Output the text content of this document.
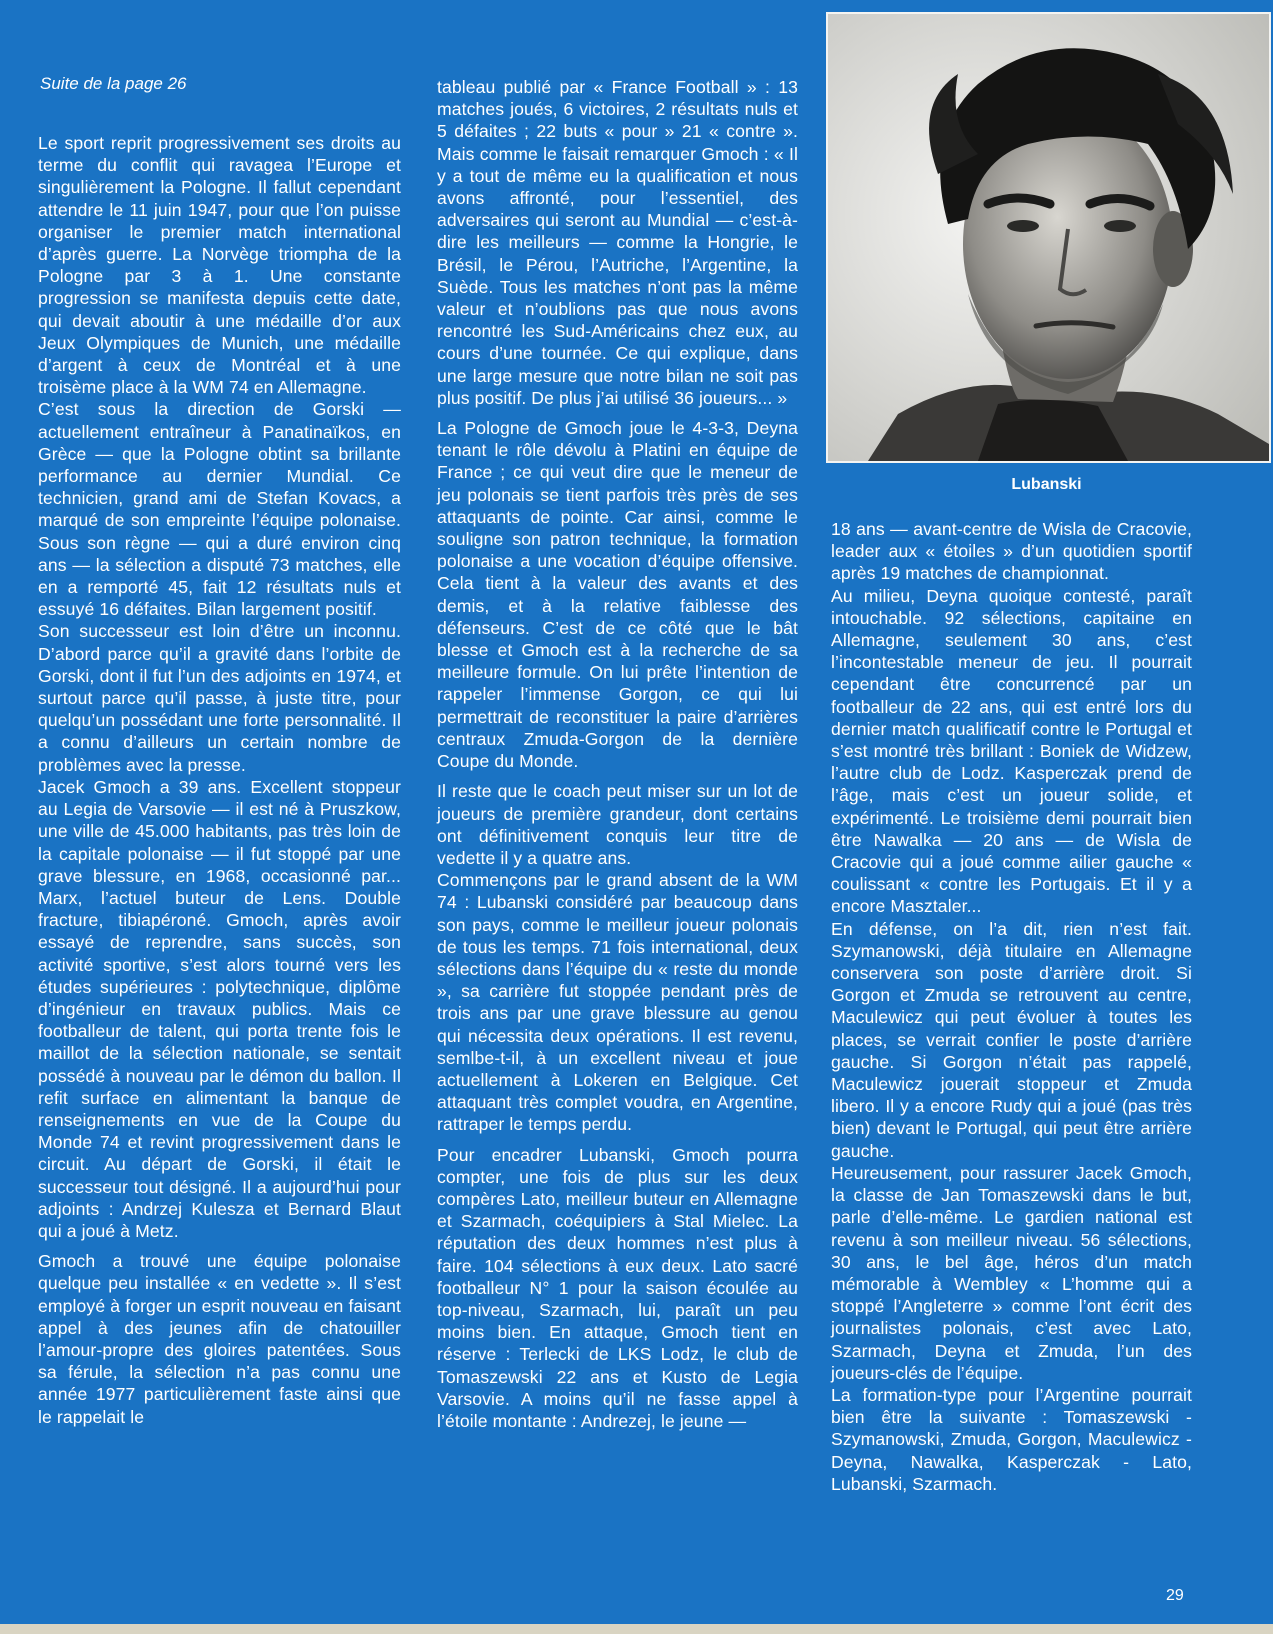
Suite de la page 26

Le sport reprit progressivement ses droits au terme du conflit qui ravagea l’Europe et singulièrement la Pologne. Il fallut cependant attendre le 11 juin 1947, pour que l’on puisse organiser le premier match international d’après guerre. La Norvège triompha de la Pologne par 3 à 1. Une constante progression se manifesta depuis cette date, qui devait aboutir à une médaille d’or aux Jeux Olympiques de Munich, une médaille d’argent à ceux de Montréal et à une troisème place à la WM 74 en Allemagne.

C’est sous la direction de Gorski — actuellement entraîneur à Panatinaïkos, en Grèce — que la Pologne obtint sa brillante performance au dernier Mundial. Ce technicien, grand ami de Stefan Kovacs, a marqué de son empreinte l’équipe polonaise. Sous son règne — qui a duré environ cinq ans — la sélection a disputé 73 matches, elle en a remporté 45, fait 12 résultats nuls et essuyé 16 défaites. Bilan largement positif.

Son successeur est loin d’être un inconnu. D’abord parce qu’il a gravité dans l’orbite de Gorski, dont il fut l’un des adjoints en 1974, et surtout parce qu’il passe, à juste titre, pour quelqu’un possédant une forte personnalité. Il a connu d’ailleurs un certain nombre de problèmes avec la presse.

Jacek Gmoch a 39 ans. Excellent stoppeur au Legia de Varsovie — il est né à Pruszkow, une ville de 45.000 habitants, pas très loin de la capitale polonaise — il fut stoppé par une grave blessure, en 1968, occasionné par... Marx, l’actuel buteur de Lens. Double fracture, tibiapéroné. Gmoch, après avoir essayé de reprendre, sans succès, son activité sportive, s’est alors tourné vers les études supérieures : polytechnique, diplôme d’ingénieur en travaux publics. Mais ce footballeur de talent, qui porta trente fois le maillot de la sélection nationale, se sentait possédé à nouveau par le démon du ballon. Il refit surface en alimentant la banque de renseignements en vue de la Coupe du Monde 74 et revint progressivement dans le circuit. Au départ de Gorski, il était le successeur tout désigné. Il a aujourd’hui pour adjoints : Andrzej Kulesza et Bernard Blaut qui a joué à Metz.

Gmoch a trouvé une équipe polonaise quelque peu installée « en vedette ». Il s’est employé à forger un esprit nouveau en faisant appel à des jeunes afin de chatouiller l’amour-propre des gloires patentées. Sous sa férule, la sélection n’a pas connu une année 1977 particulièrement faste ainsi que le rappelait le

tableau publié par « France Football » : 13 matches joués, 6 victoires, 2 résultats nuls et 5 défaites ; 22 buts « pour » 21 « contre ». Mais comme le faisait remarquer Gmoch : « Il y a tout de même eu la qualification et nous avons affronté, pour l’essentiel, des adversaires qui seront au Mundial — c’est-à-dire les meilleurs — comme la Hongrie, le Brésil, le Pérou, l’Autriche, l’Argentine, la Suède. Tous les matches n’ont pas la même valeur et n’oublions pas que nous avons rencontré les Sud-Américains chez eux, au cours d’une tournée. Ce qui explique, dans une large mesure que notre bilan ne soit pas plus positif. De plus j’ai utilisé 36 joueurs... »

La Pologne de Gmoch joue le 4-3-3, Deyna tenant le rôle dévolu à Platini en équipe de France ; ce qui veut dire que le meneur de jeu polonais se tient parfois très près de ses attaquants de pointe. Car ainsi, comme le souligne son patron technique, la formation polonaise a une vocation d’équipe offensive. Cela tient à la valeur des avants et des demis, et à la relative faiblesse des défenseurs. C’est de ce côté que le bât blesse et Gmoch est à la recherche de sa meilleure formule. On lui prête l’intention de rappeler l’immense Gorgon, ce qui lui permettrait de reconstituer la paire d’arrières centraux Zmuda-Gorgon de la dernière Coupe du Monde.

Il reste que le coach peut miser sur un lot de joueurs de première grandeur, dont certains ont définitivement conquis leur titre de vedette il y a quatre ans.

Commençons par le grand absent de la WM 74 : Lubanski considéré par beaucoup dans son pays, comme le meilleur joueur polonais de tous les temps. 71 fois international, deux sélections dans l’équipe du « reste du monde », sa carrière fut stoppée pendant près de trois ans par une grave blessure au genou qui nécessita deux opérations. Il est revenu, semlbe-t-il, à un excellent niveau et joue actuellement à Lokeren en Belgique. Cet attaquant très complet voudra, en Argentine, rattraper le temps perdu.

Pour encadrer Lubanski, Gmoch pourra compter, une fois de plus sur les deux compères Lato, meilleur buteur en Allemagne et Szarmach, coéquipiers à Stal Mielec. La réputation des deux hommes n’est plus à faire. 104 sélections à eux deux. Lato sacré footballeur N° 1 pour la saison écoulée au top-niveau, Szarmach, lui, paraît un peu moins bien. En attaque, Gmoch tient en réserve : Terlecki de LKS Lodz, le club de Tomaszewski 22 ans et Kusto de Legia Varsovie. A moins qu’il ne fasse appel à l’étoile montante : Andrezej, le jeune —

Lubanski

18 ans — avant-centre de Wisla de Cracovie, leader aux « étoiles » d’un quotidien sportif après 19 matches de championnat.

Au milieu, Deyna quoique contesté, paraît intouchable. 92 sélections, capitaine en Allemagne, seulement 30 ans, c’est l’incontestable meneur de jeu. Il pourrait cependant être concurrencé par un footballeur de 22 ans, qui est entré lors du dernier match qualificatif contre le Portugal et s’est montré très brillant : Boniek de Widzew, l’autre club de Lodz. Kasperczak prend de l’âge, mais c’est un joueur solide, et expérimenté. Le troisième demi pourrait bien être Nawalka — 20 ans — de Wisla de Cracovie qui a joué comme ailier gauche « coulissant « contre les Portugais. Et il y a encore Masztaler...

En défense, on l’a dit, rien n’est fait. Szymanowski, déjà titulaire en Allemagne conservera son poste d’arrière droit. Si Gorgon et Zmuda se retrouvent au centre, Maculewicz qui peut évoluer à toutes les places, se verrait confier le poste d’arrière gauche. Si Gorgon n’était pas rappelé, Maculewicz jouerait stoppeur et Zmuda libero. Il y a encore Rudy qui a joué (pas très bien) devant le Portugal, qui peut être arrière gauche.

Heureusement, pour rassurer Jacek Gmoch, la classe de Jan Tomaszewski dans le but, parle d’elle-même. Le gardien national est revenu à son meilleur niveau. 56 sélections, 30 ans, le bel âge, héros d’un match mémorable à Wembley « L’homme qui a stoppé l’Angleterre » comme l’ont écrit des journalistes polonais, c’est avec Lato, Szarmach, Deyna et Zmuda, l’un des joueurs-clés de l’équipe.

La formation-type pour l’Argentine pourrait bien être la suivante : Tomaszewski - Szymanowski, Zmuda, Gorgon, Maculewicz - Deyna, Nawalka, Kasperczak - Lato, Lubanski, Szarmach.

29
